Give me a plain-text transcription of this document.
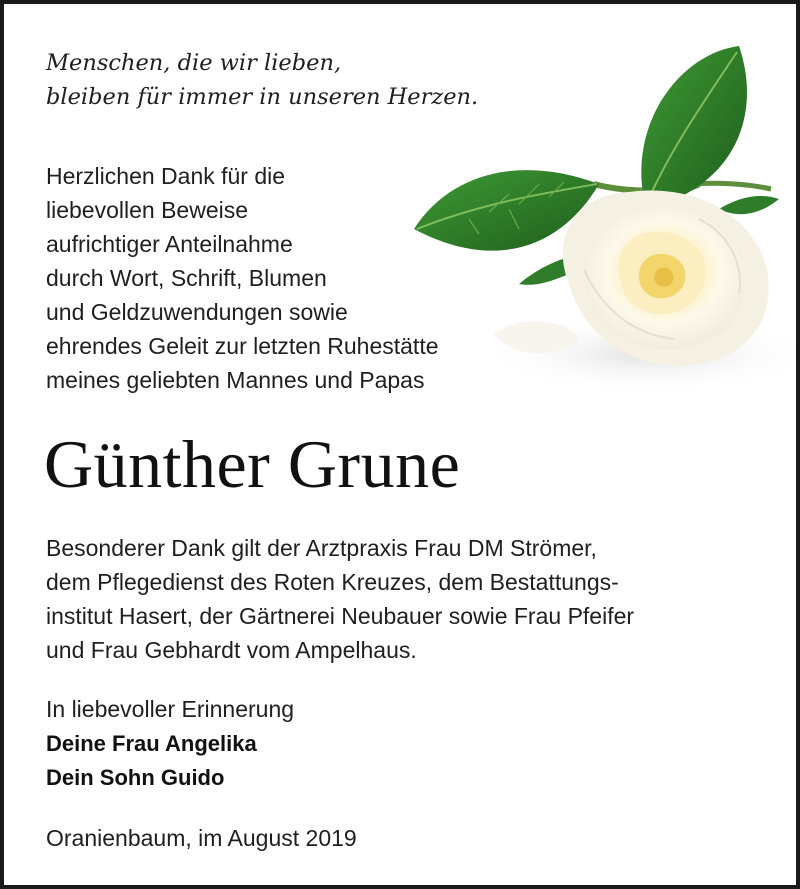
Menschen, die wir lieben,
bleiben für immer in unseren Herzen.

Herzlichen Dank für die
liebevollen Beweise
aufrichtiger Anteilnahme
durch Wort, Schrift, Blumen
und Geldzuwendungen sowie
ehrendes Geleit zur letzten Ruhestätte
meines geliebten Mannes und Papas

Günther Grune

Besonderer Dank gilt der Arztpraxis Frau DM Strömer,
dem Pflegedienst des Roten Kreuzes, dem Bestattungs-
institut Hasert, der Gärtnerei Neubauer sowie Frau Pfeifer
und Frau Gebhardt vom Ampelhaus.

In liebevoller Erinnerung

Deine Frau Angelika

Dein Sohn Guido

Oranienbaum, im August 2019
